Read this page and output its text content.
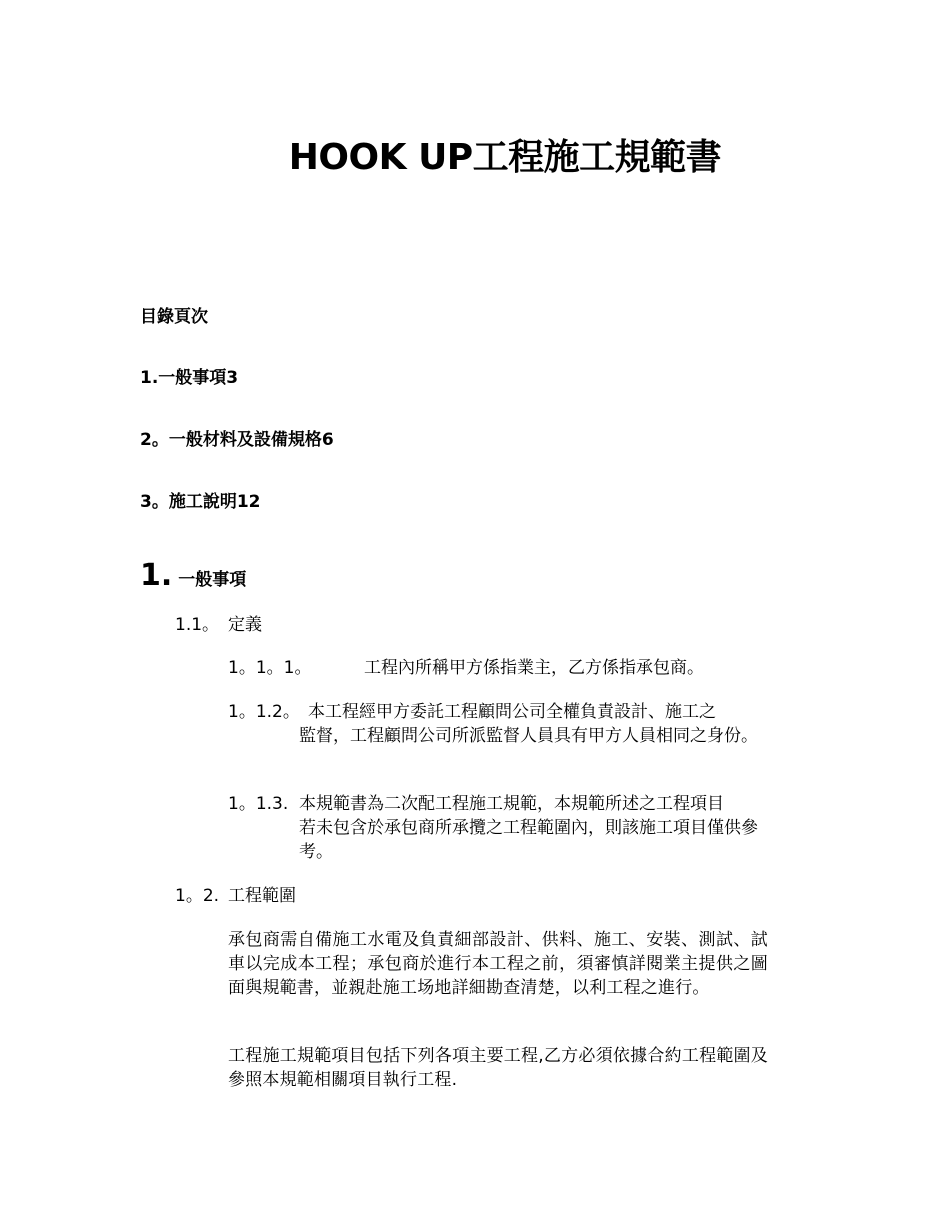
HOOK UP工程施工規範書
目錄頁次
1.一般事項3
2。一般材料及設備規格6
3。施工說明12
1. 一般事項
1.1。 定義
1。1。1。	工程內所稱甲方係指業主，乙方係指承包商。
1。1.2。 本工程經甲方委託工程顧問公司全權負責設計、施工之
監督，工程顧問公司所派監督人員具有甲方人員相同之身份。
1。1.3. 本規範書為二次配工程施工規範，本規範所述之工程項目
若未包含於承包商所承攬之工程範圍內，則該施工項目僅供參考。
1。2. 工程範圍

承包商需自備施工水電及負責細部設計、供料、施工、安裝、測試、試車以完成本工程；承包商於進行本工程之前，須審慎詳閱業主提供之圖面與規範書，並親赴施工场地詳細勘查清楚，以利工程之進行。

工程施工規範項目包括下列各項主要工程,乙方必須依據合約工程範圍及參照本規範相關項目執行工程.
